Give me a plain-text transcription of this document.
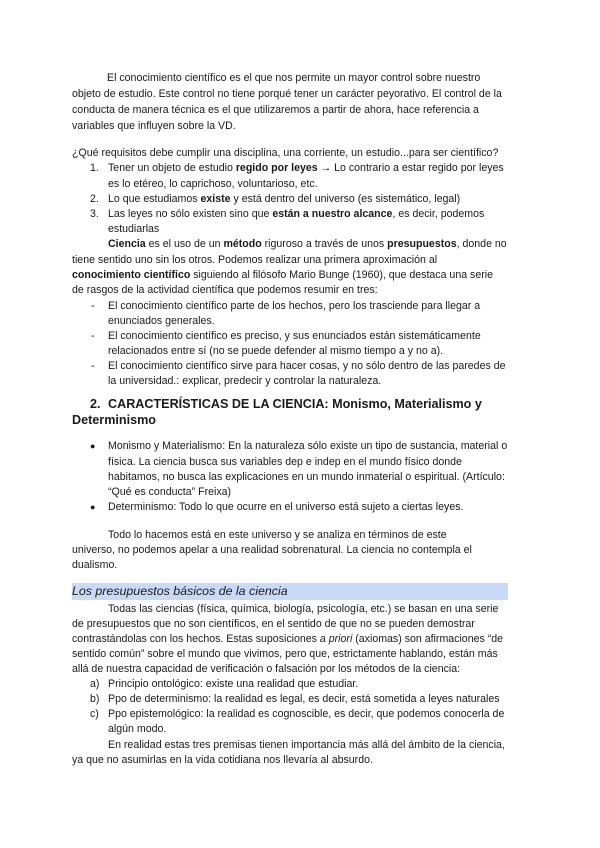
El conocimiento científico es el que nos permite un mayor control sobre nuestro
objeto de estudio. Este control no tiene porqué tener un carácter peyorativo. El control de la
conducta de manera técnica es el que utilizaremos a partir de ahora, hace referencia a
variables que influyen sobre la VD.
¿Qué requisitos debe cumplir una disciplina, una corriente, un estudio...para ser científico?
1. Tener un objeto de estudio regido por leyes → Lo contrario a estar regido por leyes
es lo etéreo, lo caprichoso, voluntarioso, etc.
2. Lo que estudiamos existe y está dentro del universo (es sistemático, legal)
3. Las leyes no sólo existen sino que están a nuestro alcance, es decir, podemos
estudiarlas
Ciencia es el uso de un método riguroso a través de unos presupuestos, donde no
tiene sentido uno sin los otros. Podemos realizar una primera aproximación al
conocimiento científico siguiendo al filósofo Mario Bunge (1960), que destaca una serie
de rasgos de la actividad científica que podemos resumir en tres:
- El conocimiento científico parte de los hechos, pero los trasciende para llegar a
enunciados generales.
- El conocimiento científico es preciso, y sus enunciados están sistemáticamente
relacionados entre sí (no se puede defender al mismo tiempo a y no a).
- El conocimiento científico sirve para hacer cosas, y no sólo dentro de las paredes de
la universidad.: explicar, predecir y controlar la naturaleza.
2. CARACTERÍSTICAS DE LA CIENCIA: Monismo, Materialismo y
Determinismo
● Monismo y Materialismo: En la naturaleza sólo existe un tipo de sustancia, material o
física. La ciencia busca sus variables dep e indep en el mundo físico donde
habitamos, no busca las explicaciones en un mundo inmaterial o espiritual. (Artículo:
“Qué es conducta” Freixa)
● Determinismo: Todo lo que ocurre en el universo está sujeto a ciertas leyes.
Todo lo hacemos está en este universo y se analiza en términos de este
universo, no podemos apelar a una realidad sobrenatural. La ciencia no contempla el
dualismo.
Los presupuestos básicos de la ciencia
Todas las ciencias (física, química, biología, psicología, etc.) se basan en una serie
de presupuestos que no son científicos, en el sentido de que no se pueden demostrar
contrastándolas con los hechos. Estas suposiciones a priori (axiomas) son afirmaciones “de
sentido común” sobre el mundo que vivimos, pero que, estrictamente hablando, están más
allá de nuestra capacidad de verificación o falsación por los métodos de la ciencia:
a) Principio ontológico: existe una realidad que estudiar.
b) Ppo de determinismo: la realidad es legal, es decir, está sometida a leyes naturales
c) Ppo epistemológico: la realidad es cognoscible, es decir, que podemos conocerla de
algún modo.
En realidad estas tres premisas tienen importancia más allá del ámbito de la ciencia,
ya que no asumirlas en la vida cotidiana nos llevaría al absurdo.
